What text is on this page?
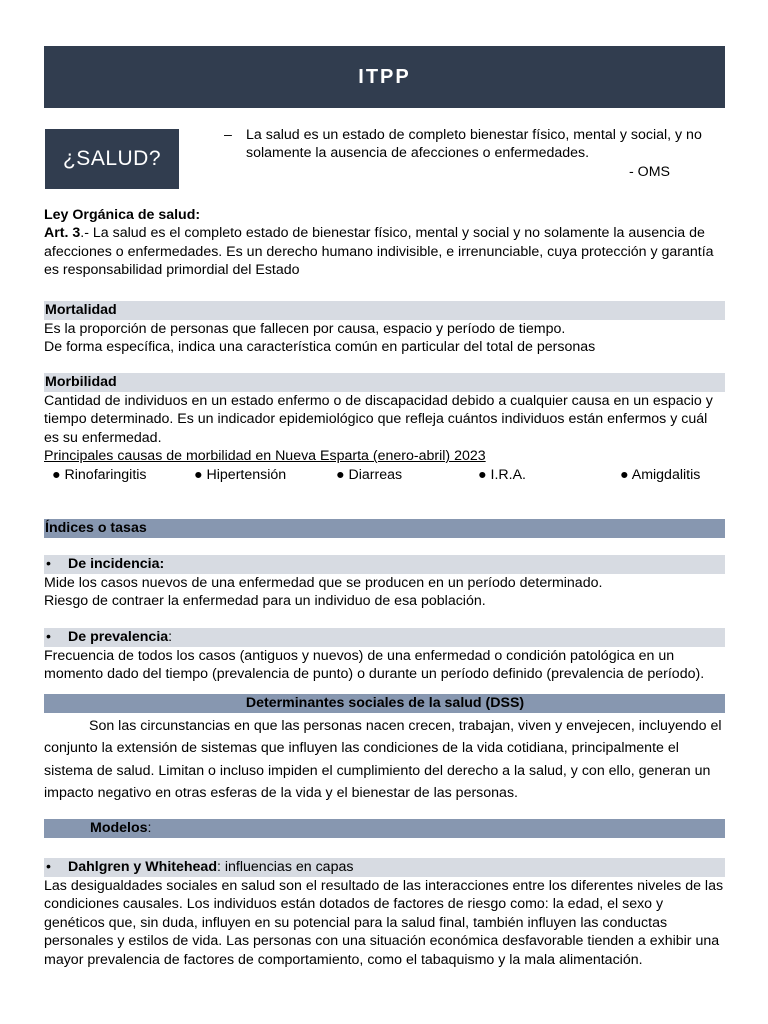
ITPP
¿SALUD?
– La salud es un estado de completo bienestar físico, mental y social, y no solamente la ausencia de afecciones o enfermedades.
- OMS
Ley Orgánica de salud:
Art. 3.- La salud es el completo estado de bienestar físico, mental y social y no solamente la ausencia de afecciones o enfermedades. Es un derecho humano indivisible, e irrenunciable, cuya protección y garantía es responsabilidad primordial del Estado
Mortalidad
Es la proporción de personas que fallecen por causa, espacio y período de tiempo.
De forma específica, indica una característica común en particular del total de personas
Morbilidad
Cantidad de individuos en un estado enfermo o de discapacidad debido a cualquier causa en un espacio y tiempo determinado. Es un indicador epidemiológico que refleja cuántos individuos están enfermos y cuál es su enfermedad.
Principales causas de morbilidad en Nueva Esparta (enero-abril) 2023
● Rinofaringitis	● Hipertensión	● Diarreas	● I.R.A.	● Amigdalitis
Índices o tasas
• De incidencia:
Mide los casos nuevos de una enfermedad que se producen en un período determinado.
Riesgo de contraer la enfermedad para un individuo de esa población.
• De prevalencia:
Frecuencia de todos los casos (antiguos y nuevos) de una enfermedad o condición patológica en un momento dado del tiempo (prevalencia de punto) o durante un período definido (prevalencia de período).
Determinantes sociales de la salud (DSS)
Son las circunstancias en que las personas nacen crecen, trabajan, viven y envejecen, incluyendo el conjunto la extensión de sistemas que influyen las condiciones de la vida cotidiana, principalmente el sistema de salud. Limitan o incluso impiden el cumplimiento del derecho a la salud, y con ello, generan un impacto negativo en otras esferas de la vida y el bienestar de las personas.
Modelos:
• Dahlgren y Whitehead: influencias en capas
Las desigualdades sociales en salud son el resultado de las interacciones entre los diferentes niveles de las condiciones causales. Los individuos están dotados de factores de riesgo como: la edad, el sexo y genéticos que, sin duda, influyen en su potencial para la salud final, también influyen las conductas personales y estilos de vida. Las personas con una situación económica desfavorable tienden a exhibir una mayor prevalencia de factores de comportamiento, como el tabaquismo y la mala alimentación.
